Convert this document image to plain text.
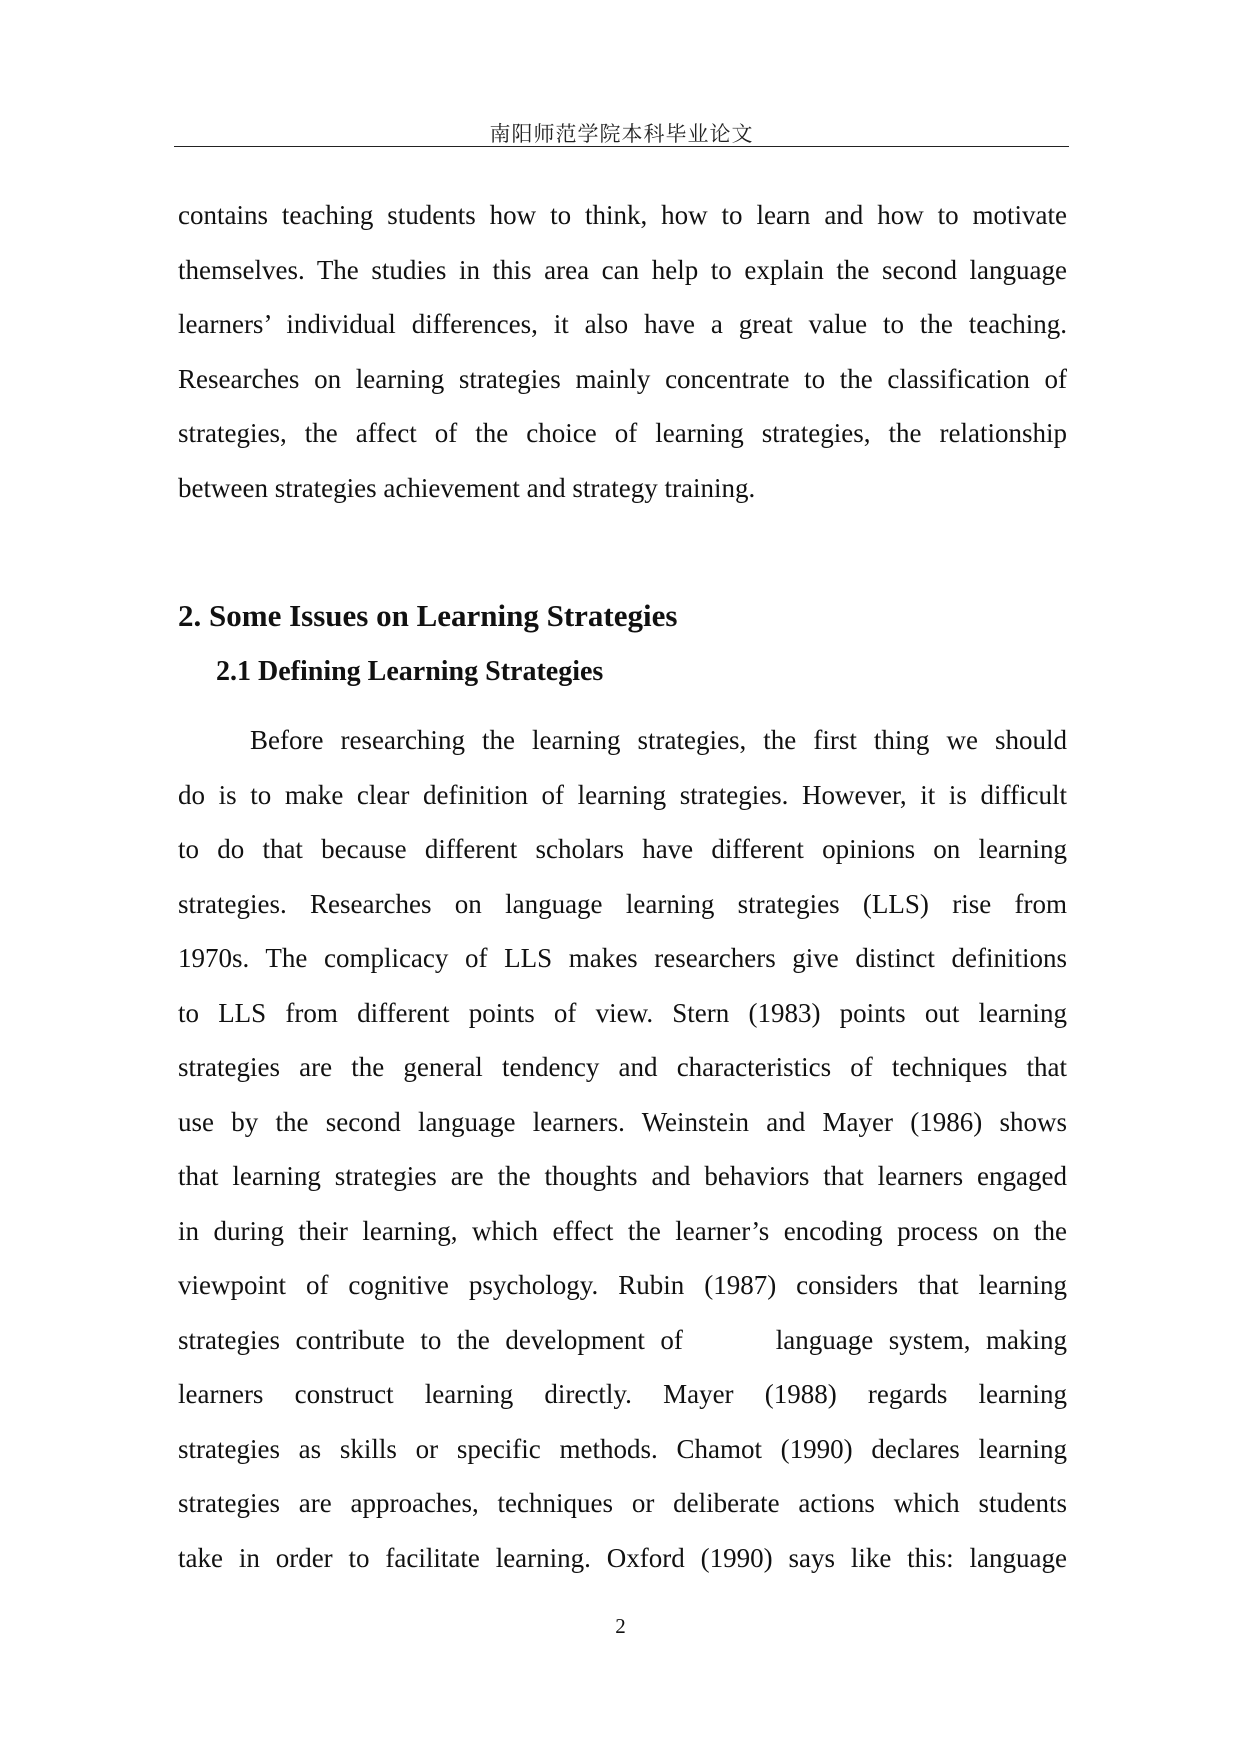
南阳师范学院本科毕业论文
contains teaching students how to think, how to learn and how to motivate
themselves. The studies in this area can help to explain the second language
learners’ individual differences, it also have a great value to the teaching.
Researches on learning strategies mainly concentrate to the classification of
strategies, the affect of the choice of learning strategies, the relationship
between strategies achievement and strategy training.
2. Some Issues on Learning Strategies
2.1 Defining Learning Strategies
Before researching the learning strategies, the first thing we should
do is to make clear definition of learning strategies. However, it is difficult
to do that because different scholars have different opinions on learning
strategies. Researches on language learning strategies (LLS) rise from
1970s. The complicacy of LLS makes researchers give distinct definitions
to LLS from different points of view. Stern (1983) points out learning
strategies are the general tendency and characteristics of techniques that
use by the second language learners. Weinstein and Mayer (1986) shows
that learning strategies are the thoughts and behaviors that learners engaged
in during their learning, which effect the learner’s encoding process on the
viewpoint of cognitive psychology. Rubin (1987) considers that learning
strategies contribute to the development of      language system, making
learners construct learning directly. Mayer (1988) regards learning
strategies as skills or specific methods. Chamot (1990) declares learning
strategies are approaches, techniques or deliberate actions which students
take in order to facilitate learning. Oxford (1990) says like this: language
2
